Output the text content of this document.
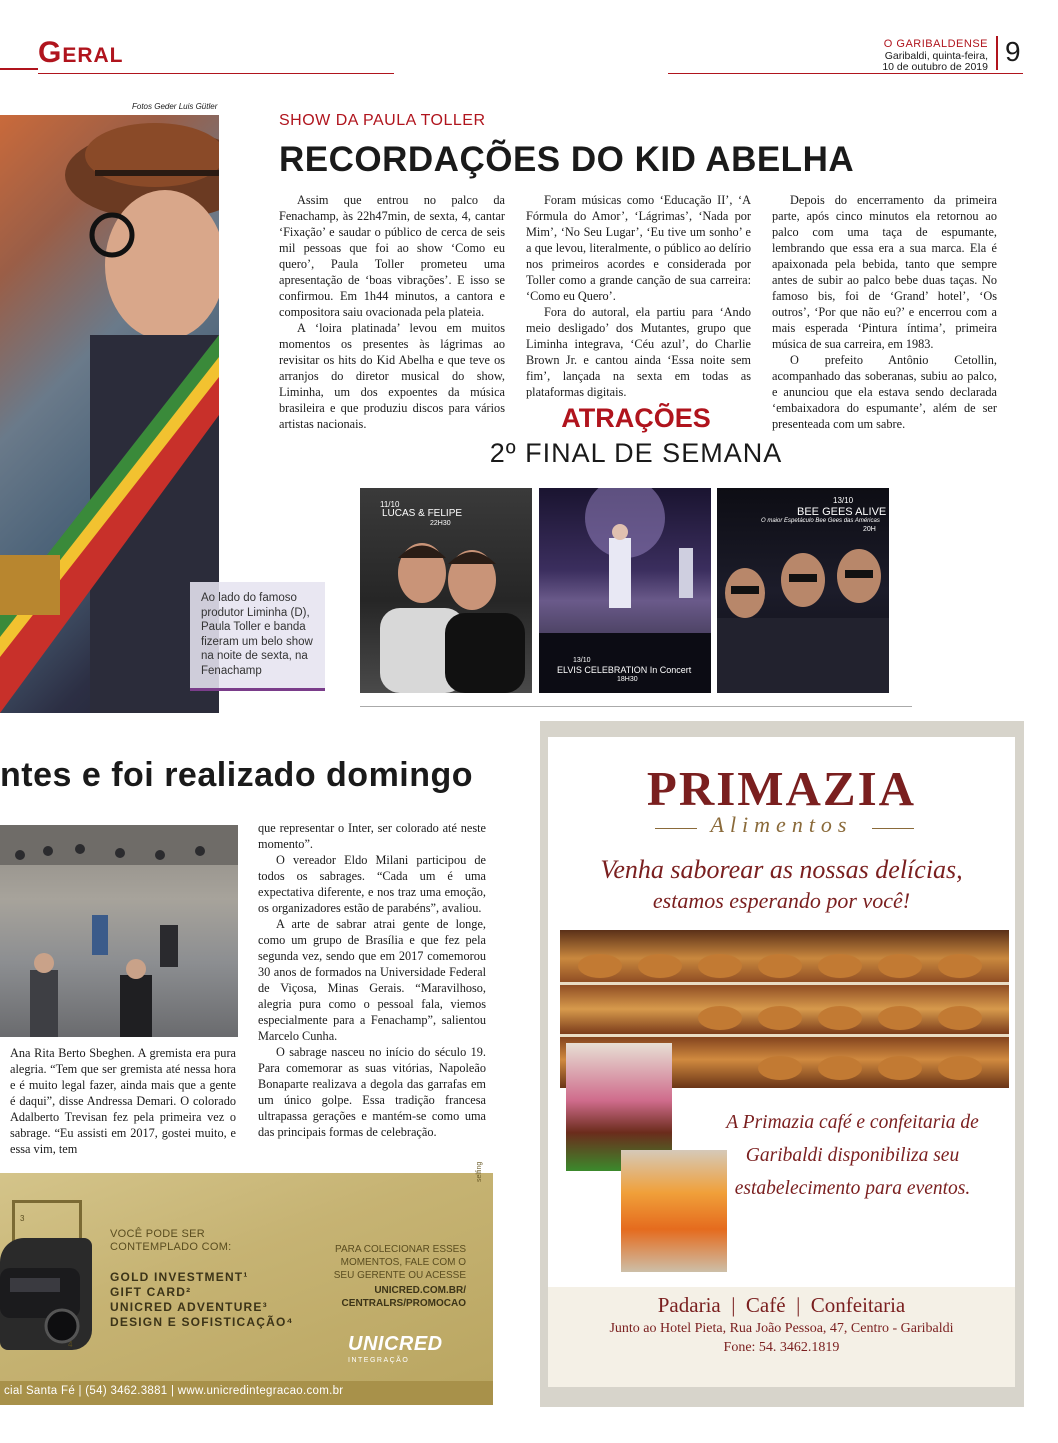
Geral	O GARIBALDENSE
Garibaldi, quinta-feira,
10 de outubro de 2019 9
Fotos Geder Luis Gütler
Ao lado do famoso produtor Liminha (D), Paula Toller e banda fizeram um belo show na noite de sexta, na Fenachamp
SHOW DA PAULA TOLLER
RECORDAÇÕES DO KID ABELHA

Assim que entrou no palco da Fenachamp, às 22h47min, de sexta, 4, cantar ‘Fixação’ e saudar o público de cerca de seis mil pessoas que foi ao show ‘Como eu quero’, Paula Toller prometeu uma apresentação de ‘boas vibrações’. E isso se confirmou. Em 1h44 minutos, a cantora e compositora saiu ovacionada pela plateia.

A ‘loira platinada’ levou em muitos momentos os presentes às lágrimas ao revisitar os hits do Kid Abelha e que teve os arranjos do diretor musical do show, Liminha, um dos expoentes da música brasileira e que produziu discos para vários artistas nacionais.

Foram músicas como ‘Educação II’, ‘A Fórmula do Amor’, ‘Lágrimas’, ‘Nada por Mim’, ‘No Seu Lugar’, ‘Eu tive um sonho’ e a que levou, literalmente, o público ao delírio nos primeiros acordes e considerada por Toller como a grande canção de sua carreira: ‘Como eu Quero’.

Fora do autoral, ela partiu para ‘Ando meio desligado’ dos Mutantes, grupo que Liminha integrava, ‘Céu azul’, do Charlie Brown Jr. e cantou ainda ‘Essa noite sem fim’, lançada na sexta em todas as plataformas digitais.

Depois do encerramento da primeira parte, após cinco minutos ela retornou ao palco com uma taça de espumante, lembrando que essa era a sua marca. Ela é apaixonada pela bebida, tanto que sempre antes de subir ao palco bebe duas taças. No famoso bis, foi de ‘Grand’ hotel’, ‘Os outros’, ‘Por que não eu?’ e encerrou com a mais esperada ‘Pintura íntima’, primeira música de sua carreira, em 1983.

O prefeito Antônio Cetollin, acompanhado das soberanas, subiu ao palco, e anunciou que ela estava sendo declarada ‘embaixadora do espumante’, além de ser presenteada com um sabre.

ATRAÇÕES
2º FINAL DE SEMANA
11/10
LUCAS & FELIPE
22H30
13/10
ELVIS CELEBRATION In Concert
18H30
13/10
BEE GEES ALIVE
O maior Espetáculo Bee Gees das Américas
20H
ntes e foi realizado domingo

Ana Rita Berto Sbeghen. A gremista era pura alegria. “Tem que ser gremista até nessa hora e é muito legal fazer, ainda mais que a gente é daqui”, disse Andressa Demari. O colorado Adalberto Trevisan fez pela primeira vez o sabrage. “Eu assisti em 2017, gostei muito, e essa vim, tem

que representar o Inter, ser colorado até neste momento”.

O vereador Eldo Milani participou de todos os sabrages. “Cada um é uma expectativa diferente, e nos traz uma emoção, os organizadores estão de parabéns”, avaliou.

A arte de sabrar atrai gente de longe, como um grupo de Brasília e que fez pela segunda vez, sendo que em 2017 comemorou 30 anos de formados na Universidade Federal de Viçosa, Minas Gerais. “Maravilhoso, alegria pura como o pessoal fala, viemos especialmente para a Fenachamp”, salientou Marcelo Cunha.

O sabrage nasceu no início do século 19. Para comemorar as suas vitórias, Napoleão Bonaparte realizava a degola das garrafas em um único golpe. Essa tradição francesa ultrapassa gerações e mantém-se como uma das principais formas de celebração.

3
4
VOCÊ PODE SER CONTEMPLADO COM:
GOLD INVESTMENT¹
GIFT CARD²
UNICRED ADVENTURE³
DESIGN E SOFISTICAÇÃO⁴
PARA COLECIONAR ESSES MOMENTOS, FALE COM O SEU GERENTE OU ACESSE
UNICRED.COM.BR/ CENTRALRS/PROMOCAO
UNICRED
INTEGRAÇÃO
selfing
cial Santa Fé | (54) 3462.3881 | www.unicredintegracao.com.br
PRIMAZIA
Alimentos
Venha saborear as nossas delícias,
estamos esperando por você!
A Primazia café e confeitaria de Garibaldi disponibiliza seu estabelecimento para eventos.
Padaria  |  Café  |  Confeitaria
Junto ao Hotel Pieta, Rua João Pessoa, 47, Centro - Garibaldi
Fone: 54. 3462.1819
